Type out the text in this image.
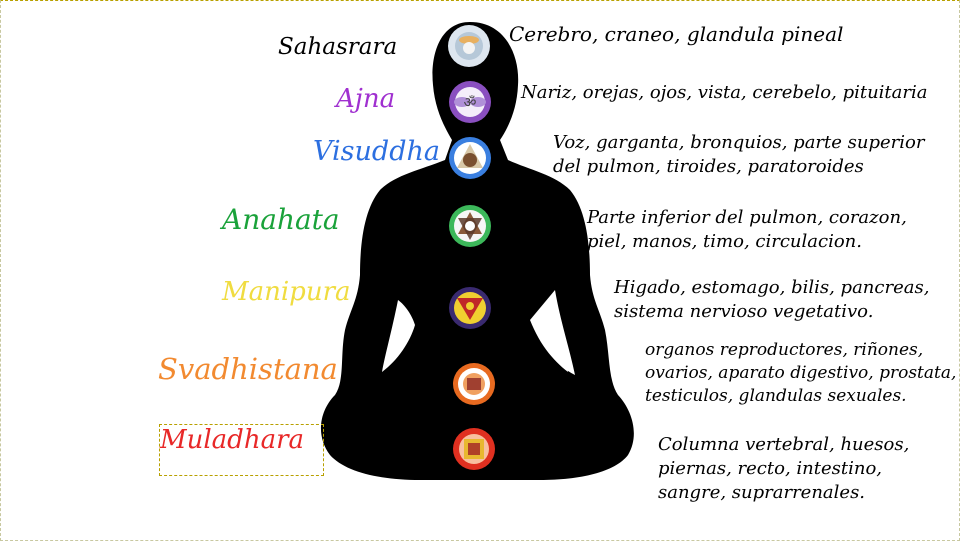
ॐ
Sahasrara
Ajna
Visuddha
Anahata
Manipura
Svadhistana
Muladhara
Cerebro, craneo, glandula pineal
Nariz, orejas, ojos, vista, cerebelo, pituitaria
Voz, garganta, bronquios, parte superior
del pulmon, tiroides, paratoroides
Parte inferior del pulmon, corazon,
piel, manos, timo, circulacion.
Higado, estomago, bilis, pancreas,
sistema nervioso vegetativo.
organos reproductores, riñones,
ovarios, aparato digestivo, prostata,
testiculos, glandulas sexuales.
Columna vertebral, huesos,
piernas, recto, intestino,
sangre, suprarrenales.
